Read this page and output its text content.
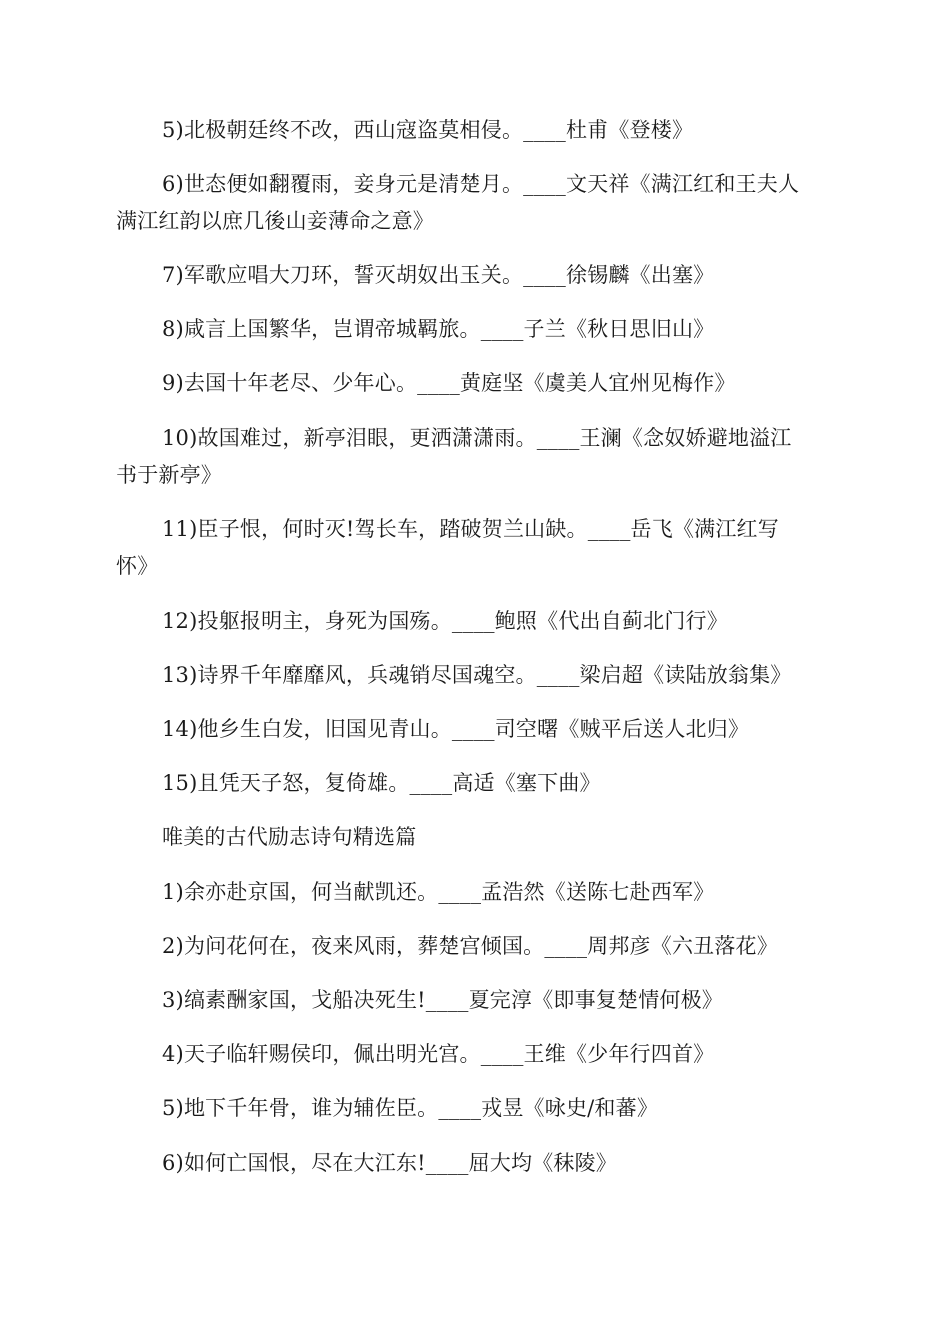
5)北极朝廷终不改，西山寇盗莫相侵。____杜甫《登楼》
6)世态便如翻覆雨，妾身元是清楚月。____文天祥《满江红和王夫人
满江红韵以庶几後山妾薄命之意》
7)军歌应唱大刀环，誓灭胡奴出玉关。____徐锡麟《出塞》
8)咸言上国繁华，岂谓帝城羁旅。____子兰《秋日思旧山》
9)去国十年老尽、少年心。____黄庭坚《虞美人宜州见梅作》
10)故国难过，新亭泪眼，更洒潇潇雨。____王澜《念奴娇避地溢江
书于新亭》
11)臣子恨，何时灭!驾长车，踏破贺兰山缺。____岳飞《满江红写
怀》
12)投躯报明主，身死为国殇。____鲍照《代出自蓟北门行》
13)诗界千年靡靡风，兵魂销尽国魂空。____梁启超《读陆放翁集》
14)他乡生白发，旧国见青山。____司空曙《贼平后送人北归》
15)且凭天子怒，复倚雄。____高适《塞下曲》
唯美的古代励志诗句精选篇
1)余亦赴京国，何当献凯还。____孟浩然《送陈七赴西军》
2)为问花何在，夜来风雨，葬楚宫倾国。____周邦彦《六丑落花》
3)缟素酬家国，戈船决死生!____夏完淳《即事复楚情何极》
4)天子临轩赐侯印，佩出明光宫。____王维《少年行四首》
5)地下千年骨，谁为辅佐臣。____戎昱《咏史/和蕃》
6)如何亡国恨，尽在大江东!____屈大均《秣陵》
